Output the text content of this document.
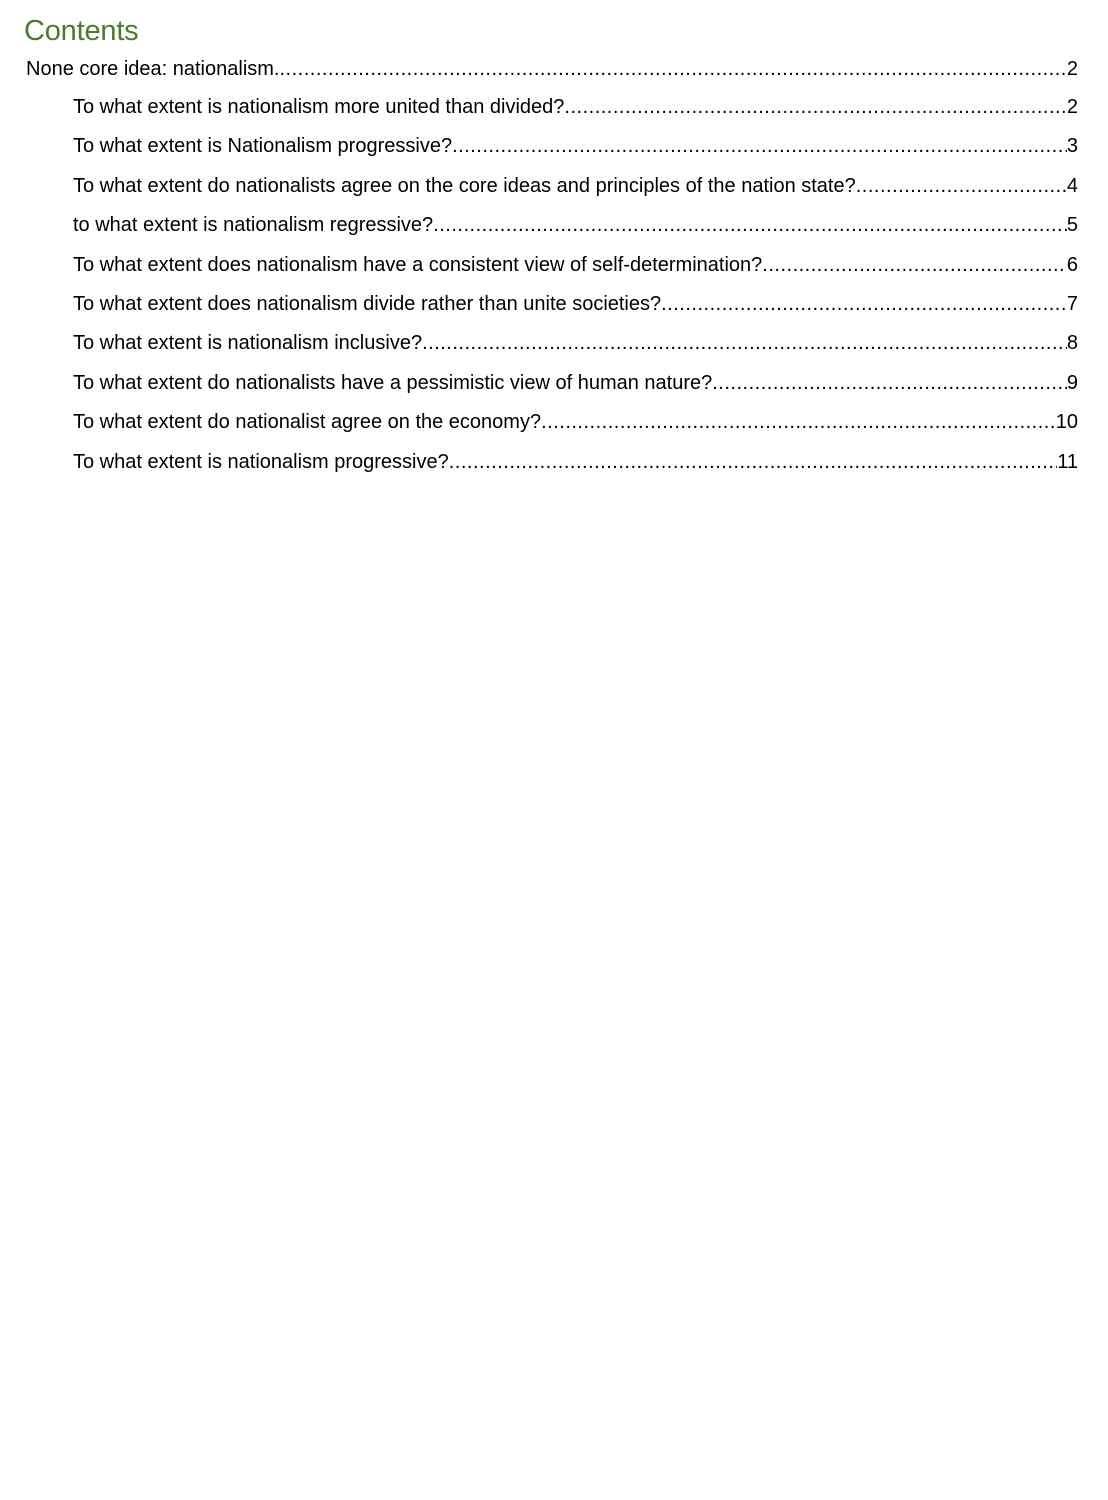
Contents
None core idea: nationalism. .....	2
To what extent is nationalism more united than divided? .....	2
To what extent is Nationalism progressive? .....	3
To what extent do nationalists agree on the core ideas and principles of the nation state? .....	4
to what extent is nationalism regressive? .....	5
To what extent does nationalism have a consistent view of self-determination? .....	6
To what extent does nationalism divide rather than unite societies? .....	7
To what extent is nationalism inclusive? .....	8
To what extent do nationalists have a pessimistic view of human nature? .....	9
To what extent do nationalist agree on the economy? .....	10
To what extent is nationalism progressive? .....	11
